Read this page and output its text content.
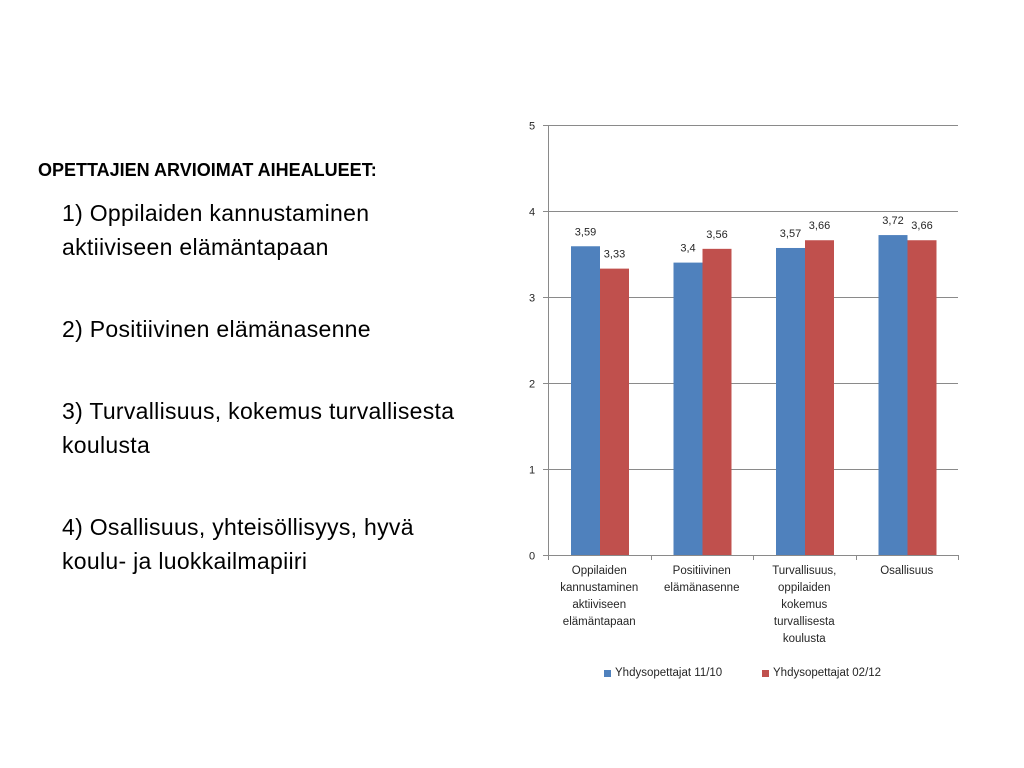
OPETTAJIEN ARVIOIMAT AIHEALUEET:
1) Oppilaiden kannustaminen
aktiiviseen elämäntapaan
2) Positiivinen elämänasenne
3) Turvallisuus, kokemus turvallisesta
koulusta
4) Osallisuus, yhteisöllisyys, hyvä
koulu- ja luokkailmapiiri	0
1
2
3
4
5
3,59
3,4
3,57
3,72
3,33
3,56
3,66	3,66
Oppilaiden kannustaminen aktiiviseen elämäntapaan
Positiivinen elämänasenne
Turvallisuus, oppilaiden kokemus turvallisesta koulusta
Osallisuus
Yhdysopettajat 11/10	Yhdysopettajat 02/12
